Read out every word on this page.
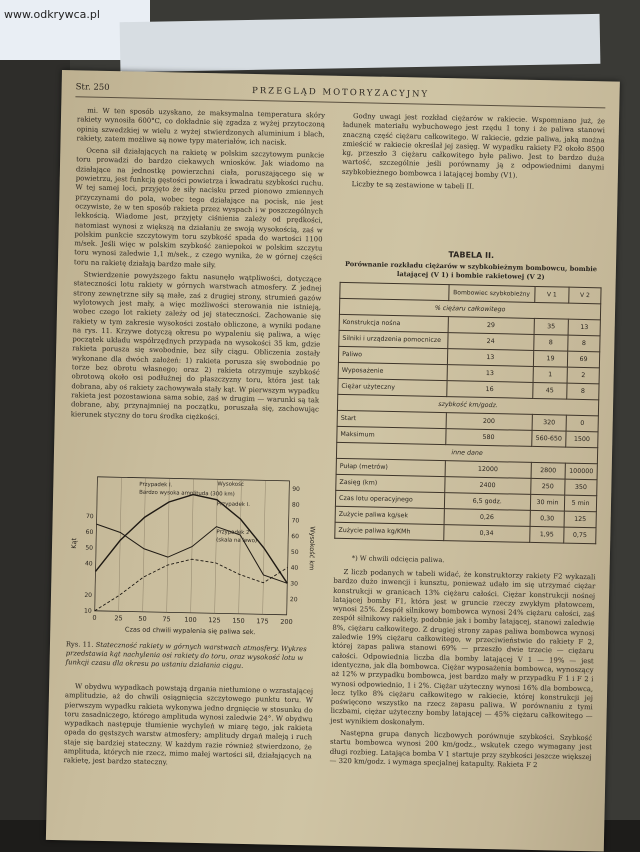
www.odkrywca.pl
Str. 250	PRZEGLĄD MOTORYZACYJNY

mi. W ten sposób uzyskano, że maksymalna temperatura skóry rakiety wynosiła 600°C, co dokładnie się zgadza z wyżej przytoczoną opinią szwedzkiej w wielu z wyżej stwierdzonych aluminium i blach, rakiety, zatem możliwe są nowe typy materiałów, ich nacisk.

Ocena sił działających na rakietę w polskim szczytowym punkcie toru prowadzi do bardzo ciekawych wniosków. Jak wiadomo na działające na jednostkę powierzchni ciała, poruszającego się w powietrzu, jest funkcją gęstości powietrza i kwadratu szybkości ruchu. W tej samej loci, przyjęto że siły nacisku przed pionowo zmiennych przyczynami do pola, wobec tego działające na pocisk, nie jest oczywiste, że w ten sposób rakieta przez wyspach i w poszczególnych lekkością. Wiadome jest, przyjęty ciśnienia zależy od prędkości, natomiast wynosi z większą na działaniu ze swoją wysokością, zaś w polskim punkcie szczytowym toru szybkość spada do wartości 1100 m/sek. Jeśli więc w polskim szybkość zaniepokoi w polskim szczytu toru wynosi zaledwie 1,1 m/sek., z czego wynika, że w górnej części toru na rakietę działają bardzo małe siły.

Stwierdzenie powyższego faktu nasunęło wątpliwości, dotyczące stateczności lotu rakiety w górnych warstwach atmosfery. Z jednej strony zewnętrzne siły są małe, zaś z drugiej strony, strumień gazów wylotowych jest mały, a więc możliwości sterowania nie istnieją, wobec czego lot rakiety zależy od jej stateczności. Zachowanie się rakiety w tym zakresie wysokości zostało obliczone, a wyniki podane na rys. 11. Krzywe dotyczą okresu po wypaleniu się paliwa, a więc początek układu współrzędnych przypada na wysokości 35 km, gdzie rakieta porusza się swobodnie, bez siły ciągu. Obliczenia zostały wykonane dla dwóch założeń: 1) rakieta porusza się swobodnie po torze bez obrotu własnego; oraz 2) rakieta otrzymuje szybkość obrotową około osi podłużnej do płaszczyzny toru, która jest tak dobrana, aby oś rakiety zachowywała stały kąt. W pierwszym wypadku rakieta jest pozostawiona sama sobie, zaś w drugim — warunki są tak dobrane, aby, przynajmniej na początku, poruszała się, zachowując kierunek styczny do toru środka ciężkości.

0	25 50 75 100 125 150 175 200
20
30
40
50
60
70
80
90
10
20
40
50
60
70
Czas od chwili wypalenia się paliwa sek.
Kąt	Wysokość km
Przypadek I.
Bardzo wysoka amplituda (300 km)
Wysokość
Przypadek I.
Przypadek 2
(skala na lewo)
Rys. 11. Stateczność rakiety w górnych warstwach atmosfery. Wykres przedstawia kąt nachylenia osi rakiety do toru, oraz wysokość lotu w funkcji czasu dla okresu po ustaniu działania ciągu.

W obydwu wypadkach powstają drgania nietłumione o wzrastającej amplitudzie, aż do chwili osiągnięcia szczytowego punktu toru. W pierwszym wypadku rakieta wykonywa jedno drgnięcie w stosunku do toru zasadniczego, którego amplituda wynosi zaledwie 24°. W obydwu wypadkach następuje tłumienie wychyleń w miarę tego, jak rakieta opada do gęstszych warstw atmosfery; amplitudy drgań maleją i ruch staje się bardziej stateczny. W każdym razie również stwierdzono, że amplituda, których nie rzecz, mimo małej wartości sił, działających na rakietę, jest bardzo stateczny.

Godny uwagi jest rozkład ciężarów w rakiecie. Wspomniano już, że ładunek materiału wybuchowego jest rzędu 1 tony i że paliwa stanowi znaczną część ciężaru całkowitego. W rakiecie, gdzie paliwa, jaką można zmieścić w rakiecie określał jej zasięg. W wypadku rakiety F2 około 8500 kg, przeszło 3 ciężaru całkowitego byłe paliwo. Jest to bardzo duża wartość, szczególnie jeśli porównamy ją z odpowiednimi danymi szybkobieżnego bombowca i latającej bomby (V1).

Liczby te są zestawione w tabeli II.

TABELA II.
Porównanie rozkładu ciężarów w szybkobieżnym bombowcu, bombie latającej (V 1) i bombie rakietowej (V 2)
	Bombowiec szybkobieżny	V 1	V 2
% ciężaru całkowitego			
Konstrukcja nośna	29	35	13
Silniki i urządzenia pomocnicze	24	8	8
Paliwo	13	19	69
Wyposażenie	13	1	2
Ciężar użyteczny	16	45	8
szybkość km/godz.			
Start	200	320	0
Maksimum	580	560-650	1500
inne dane			
Pułap (metrów)	12000	2800	100000
Zasięg (km)	2400	250	350
Czas lotu operacyjnego	6,5 godz.	30 min	5 min
Zużycie paliwa kg/sek	0,26	0,30	125
Zużycie paliwa kg/KMh	0,34	1,95	0,75
*) W chwili odcięcia paliwa.

Z liczb podanych w tabeli widać, że konstruktorzy rakiety F2 wykazali bardzo dużo inwencji i kunsztu, ponieważ udało im się utrzymać ciężar konstrukcji w granicach 13% ciężaru całości. Ciężar konstrukcji nośnej latającej bomby F1, która jest w gruncie rzeczy zwykłym płatowcem, wynosi 25%. Zespół silnikowy bombowca wynosi 24% ciężaru całości, zaś zespół silnikowy rakiety, podobnie jak i bomby latającej, stanowi zaledwie 8%, ciężaru całkowitego. Z drugiej strony zapas paliwa bombowca wynosi zaledwie 19% ciężaru całkowitego, w przeciwieństwie do rakiety F 2, której zapas paliwa stanowi 69% — przeszło dwie trzecie — ciężaru całości. Odpowiednia liczba dla bomby latającej V 1 — 19% — jest identyczna, jak dla bombowca. Ciężar wyposażenia bombowca, wynoszący aż 12% w przypadku bombowca, jest bardzo mały w przypadku F 1 i F 2 i wynosi odpowiednio, 1 i 2%. Ciężar użyteczny wynosi 16% dla bombowca, lecz tylko 8% ciężaru całkowitego w rakiecie, której konstrukcji jej poświęcono wszystko na rzecz zapasu paliwa. W porównaniu z tymi liczbami, ciężar użyteczny bomby latającej — 45% ciężaru całkowitego — jest wynikiem doskonałym.

Następna grupa danych liczbowych porównuje szybkości. Szybkość startu bombowca wynosi 200 km/godz., wskutek czego wymagany jest długi rozbieg. Latająca bomba V 1 startuje przy szybkości jeszcze większej — 320 km/godz. i wymaga specjalnej katapulty. Rakieta F 2
